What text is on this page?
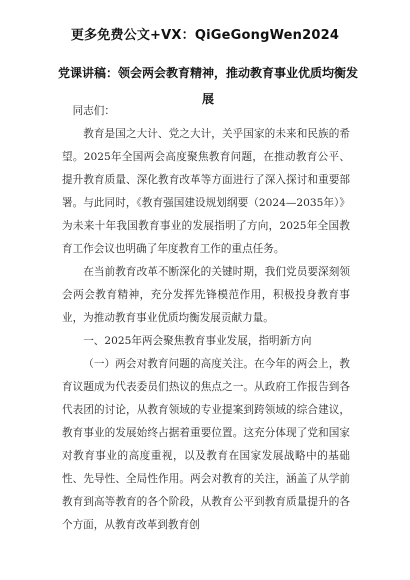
更多免费公文+VX：QiGeGongWen2024
党课讲稿：领会两会教育精神，推动教育事业优质均衡发展

同志们：

教育是国之大计、党之大计，关乎国家的未来和民族的希望。2025年全国两会高度聚焦教育问题，在推动教育公平、提升教育质量、深化教育改革等方面进行了深入探讨和重要部署。与此同时，《教育强国建设规划纲要（2024—2035年）》为未来十年我国教育事业的发展指明了方向，2025年全国教育工作会议也明确了年度教育工作的重点任务。

在当前教育改革不断深化的关键时期，我们党员要深刻领会两会教育精神，充分发挥先锋模范作用，积极投身教育事业，为推动教育事业优质均衡发展贡献力量。

一、2025年两会聚焦教育事业发展，指明新方向

（一）两会对教育问题的高度关注。在今年的两会上，教育议题成为代表委员们热议的焦点之一。从政府工作报告到各代表团的讨论，从教育领域的专业提案到跨领域的综合建议，教育事业的发展始终占据着重要位置。这充分体现了党和国家对教育事业的高度重视，以及教育在国家发展战略中的基础性、先导性、全局性作用。两会对教育的关注，涵盖了从学前教育到高等教育的各个阶段，从教育公平到教育质量提升的各个方面，从教育改革到教育创
